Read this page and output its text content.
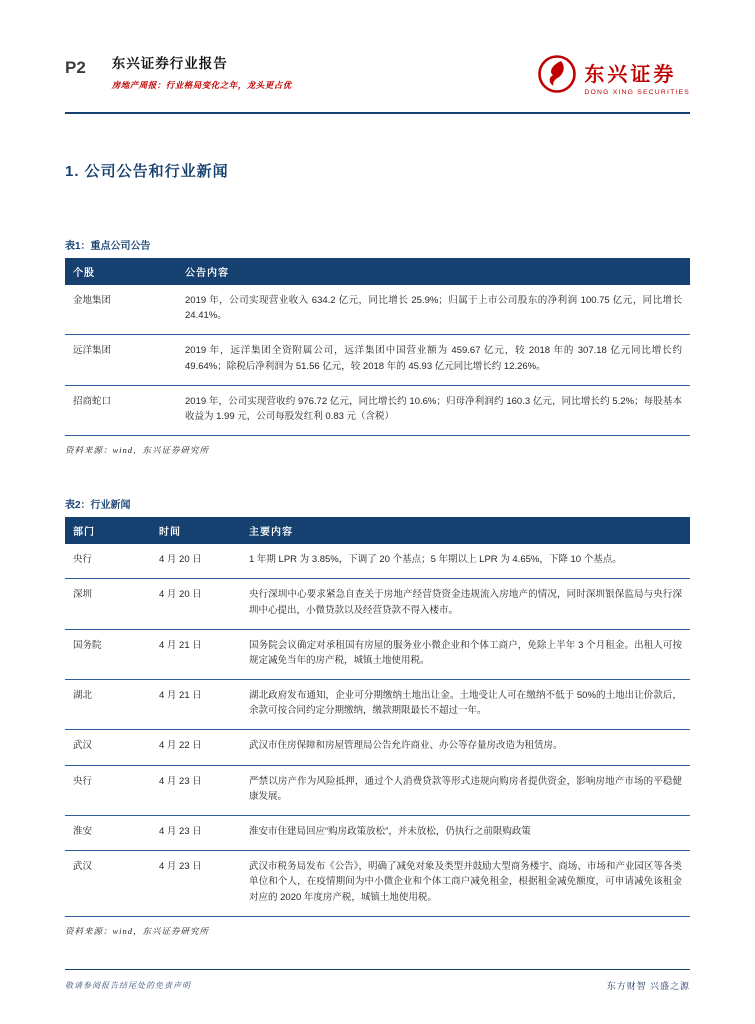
P2 东兴证券行业报告
房地产周报：行业格局变化之年，龙头更占优	东兴证券
DONG XING SECURITIES
1. 公司公告和行业新闻
表1：重点公司公告
个股	公告内容
金地集团	2019 年，公司实现营业收入 634.2 亿元，同比增长 25.9%；归属于上市公司股东的净利润 100.75 亿元，同比增长 24.41%。
远洋集团	2019 年，远洋集团全资附属公司，远洋集团中国营业额为 459.67 亿元，较 2018 年的 307.18 亿元同比增长约 49.64%；除税后净利润为 51.56 亿元，较 2018 年的 45.93 亿元同比增长约 12.26%。
招商蛇口	2019 年，公司实现营收约 976.72 亿元，同比增长约 10.6%；归母净利润约 160.3 亿元，同比增长约 5.2%；每股基本收益为 1.99 元，公司每股发红利 0.83 元（含税）
资料来源：wind，东兴证券研究所
表2：行业新闻
部门	时间	主要内容
央行	4 月 20 日	1 年期 LPR 为 3.85%，下调了 20 个基点；5 年期以上 LPR 为 4.65%，下降 10 个基点。
深圳	4 月 20 日	央行深圳中心要求紧急自查关于房地产经营贷资金违规流入房地产的情况，同时深圳银保监局与央行深圳中心提出，小微贷款以及经营贷款不得入楼市。
国务院	4 月 21 日	国务院会议确定对承租国有房屋的服务业小微企业和个体工商户，免除上半年 3 个月租金。出租人可按规定减免当年的房产税，城镇土地使用税。
湖北	4 月 21 日	湖北政府发布通知，企业可分期缴纳土地出让金。土地受让人可在缴纳不低于 50%的土地出让价款后，余款可按合同约定分期缴纳，缴款期限最长不超过一年。
武汉	4 月 22 日	武汉市住房保障和房屋管理局公告允许商业、办公等存量房改造为租赁房。
央行	4 月 23 日	严禁以房产作为风险抵押，通过个人消费贷款等形式违规向购房者提供资金，影响房地产市场的平稳健康发展。
淮安	4 月 23 日	淮安市住建局回应“购房政策放松”，并未放松，仍执行之前限购政策
武汉	4 月 23 日	武汉市税务局发布《公告》，明确了减免对象及类型并鼓励大型商务楼宇、商场、市场和产业园区等各类单位和个人，在疫情期间为中小微企业和个体工商户减免租金，根据租金减免额度，可申请减免该租金对应的 2020 年度房产税，城镇土地使用税。
资料来源：wind，东兴证券研究所
敬请参阅报告结尾处的免责声明	东方财智 兴盛之源
